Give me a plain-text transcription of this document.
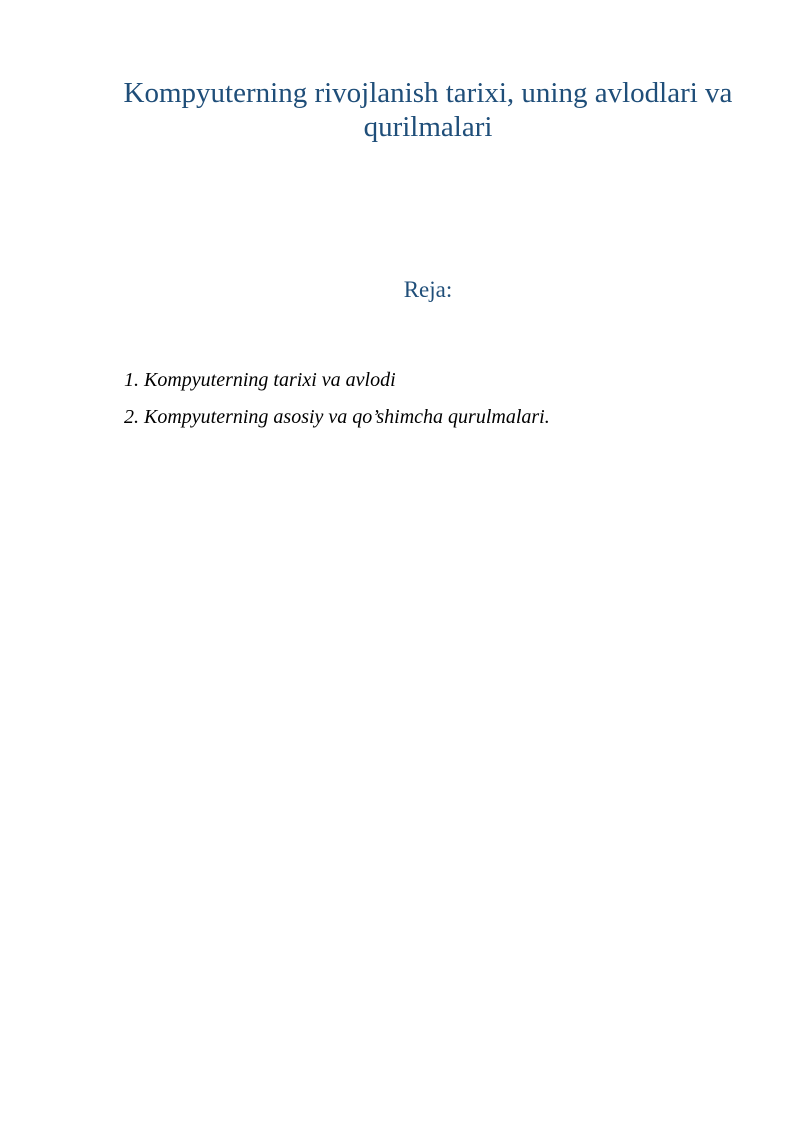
Kompyuterning rivojlanish tarixi, uning avlodlari va qurilmalari
Reja:
1. Kompyuterning tarixi va avlodi
2. Kompyuterning asosiy va qo’shimcha qurulmalari.
